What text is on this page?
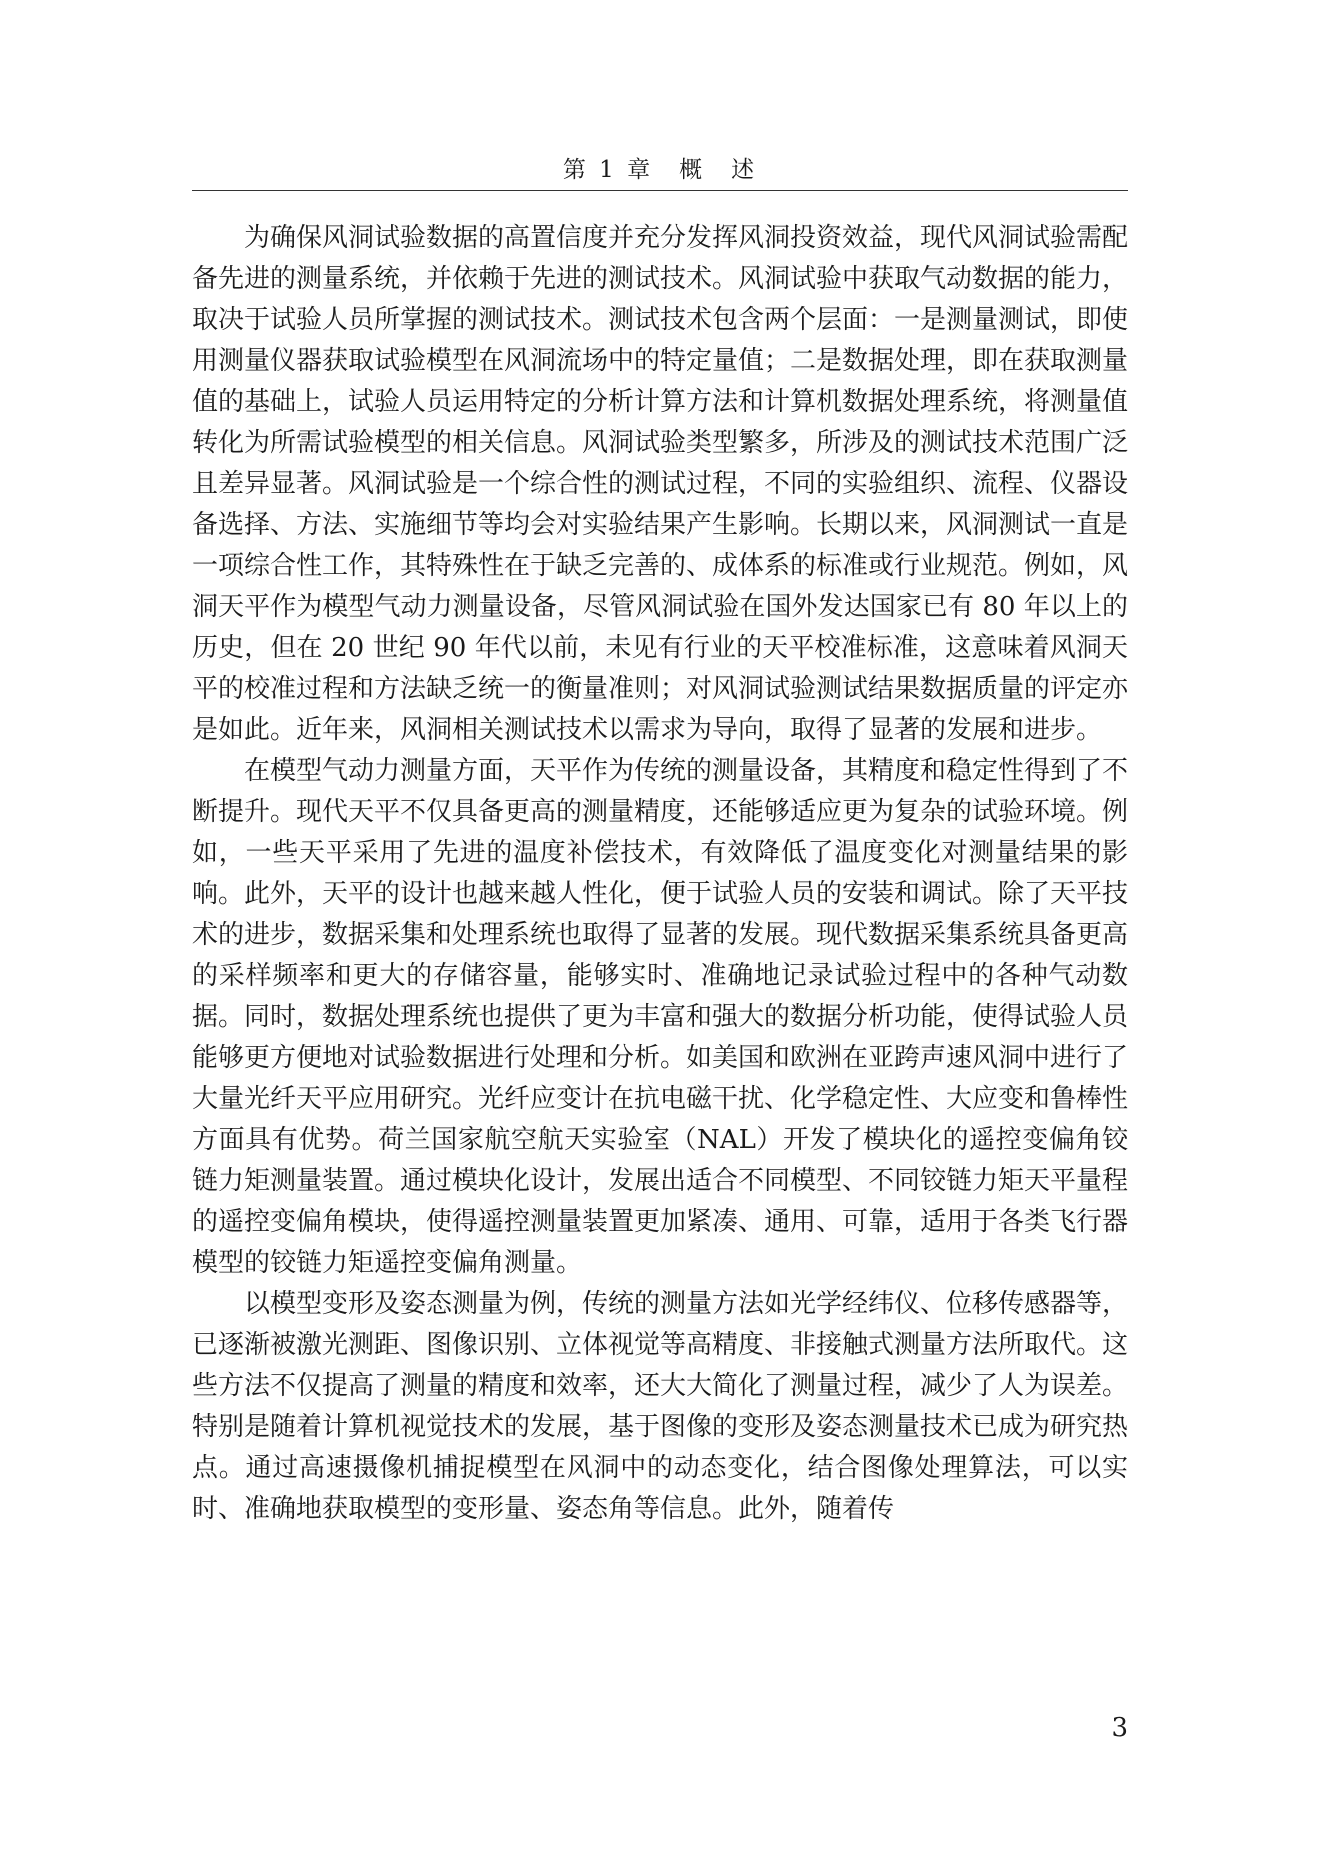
第 1 章　概　述

为确保风洞试验数据的高置信度并充分发挥风洞投资效益，现代风洞试验需配备先进的测量系统，并依赖于先进的测试技术。风洞试验中获取气动数据的能力，取决于试验人员所掌握的测试技术。测试技术包含两个层面：一是测量测试，即使用测量仪器获取试验模型在风洞流场中的特定量值；二是数据处理，即在获取测量值的基础上，试验人员运用特定的分析计算方法和计算机数据处理系统，将测量值转化为所需试验模型的相关信息。风洞试验类型繁多，所涉及的测试技术范围广泛且差异显著。风洞试验是一个综合性的测试过程，不同的实验组织、流程、仪器设备选择、方法、实施细节等均会对实验结果产生影响。长期以来，风洞测试一直是一项综合性工作，其特殊性在于缺乏完善的、成体系的标准或行业规范。例如，风洞天平作为模型气动力测量设备，尽管风洞试验在国外发达国家已有 80 年以上的历史，但在 20 世纪 90 年代以前，未见有行业的天平校准标准，这意味着风洞天平的校准过程和方法缺乏统一的衡量准则；对风洞试验测试结果数据质量的评定亦是如此。近年来，风洞相关测试技术以需求为导向，取得了显著的发展和进步。

在模型气动力测量方面，天平作为传统的测量设备，其精度和稳定性得到了不断提升。现代天平不仅具备更高的测量精度，还能够适应更为复杂的试验环境。例如，一些天平采用了先进的温度补偿技术，有效降低了温度变化对测量结果的影响。此外，天平的设计也越来越人性化，便于试验人员的安装和调试。除了天平技术的进步，数据采集和处理系统也取得了显著的发展。现代数据采集系统具备更高的采样频率和更大的存储容量，能够实时、准确地记录试验过程中的各种气动数据。同时，数据处理系统也提供了更为丰富和强大的数据分析功能，使得试验人员能够更方便地对试验数据进行处理和分析。如美国和欧洲在亚跨声速风洞中进行了大量光纤天平应用研究。光纤应变计在抗电磁干扰、化学稳定性、大应变和鲁棒性方面具有优势。荷兰国家航空航天实验室（NAL）开发了模块化的遥控变偏角铰链力矩测量装置。通过模块化设计，发展出适合不同模型、不同铰链力矩天平量程的遥控变偏角模块，使得遥控测量装置更加紧凑、通用、可靠，适用于各类飞行器模型的铰链力矩遥控变偏角测量。

以模型变形及姿态测量为例，传统的测量方法如光学经纬仪、位移传感器等，已逐渐被激光测距、图像识别、立体视觉等高精度、非接触式测量方法所取代。这些方法不仅提高了测量的精度和效率，还大大简化了测量过程，减少了人为误差。特别是随着计算机视觉技术的发展，基于图像的变形及姿态测量技术已成为研究热点。通过高速摄像机捕捉模型在风洞中的动态变化，结合图像处理算法，可以实时、准确地获取模型的变形量、姿态角等信息。此外，随着传

3
